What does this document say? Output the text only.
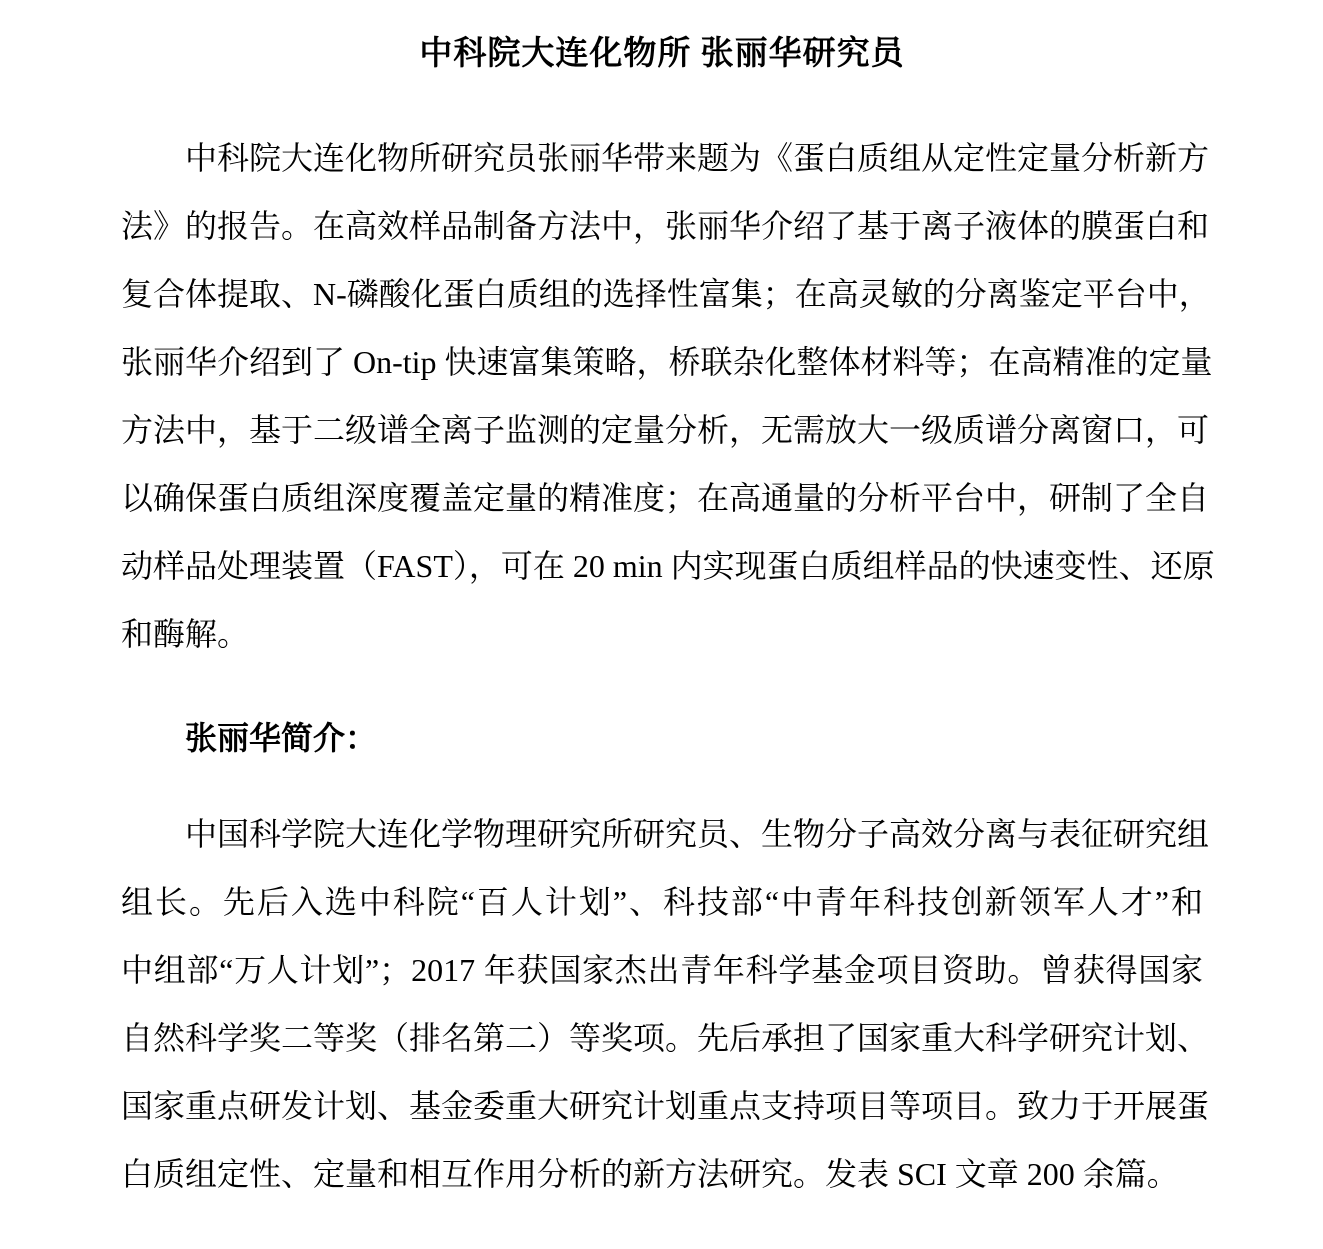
中科院大连化物所 张丽华研究员
中科院大连化物所研究员张丽华带来题为《蛋白质组从定性定量分析新方
法》的报告。在高效样品制备方法中，张丽华介绍了基于离子液体的膜蛋白和
复合体提取、N-磷酸化蛋白质组的选择性富集；在高灵敏的分离鉴定平台中，
张丽华介绍到了 On-tip 快速富集策略，桥联杂化整体材料等；在高精准的定量
方法中，基于二级谱全离子监测的定量分析，无需放大一级质谱分离窗口，可
以确保蛋白质组深度覆盖定量的精准度；在高通量的分析平台中，研制了全自
动样品处理装置（FAST），可在 20 min 内实现蛋白质组样品的快速变性、还原
和酶解。
张丽华简介：
中国科学院大连化学物理研究所研究员、生物分子高效分离与表征研究组
组长。先后入选中科院“百人计划”、科技部“中青年科技创新领军人才”和
中组部“万人计划”；2017 年获国家杰出青年科学基金项目资助。曾获得国家
自然科学奖二等奖（排名第二）等奖项。先后承担了国家重大科学研究计划、
国家重点研发计划、基金委重大研究计划重点支持项目等项目。致力于开展蛋
白质组定性、定量和相互作用分析的新方法研究。发表 SCI 文章 200 余篇。
